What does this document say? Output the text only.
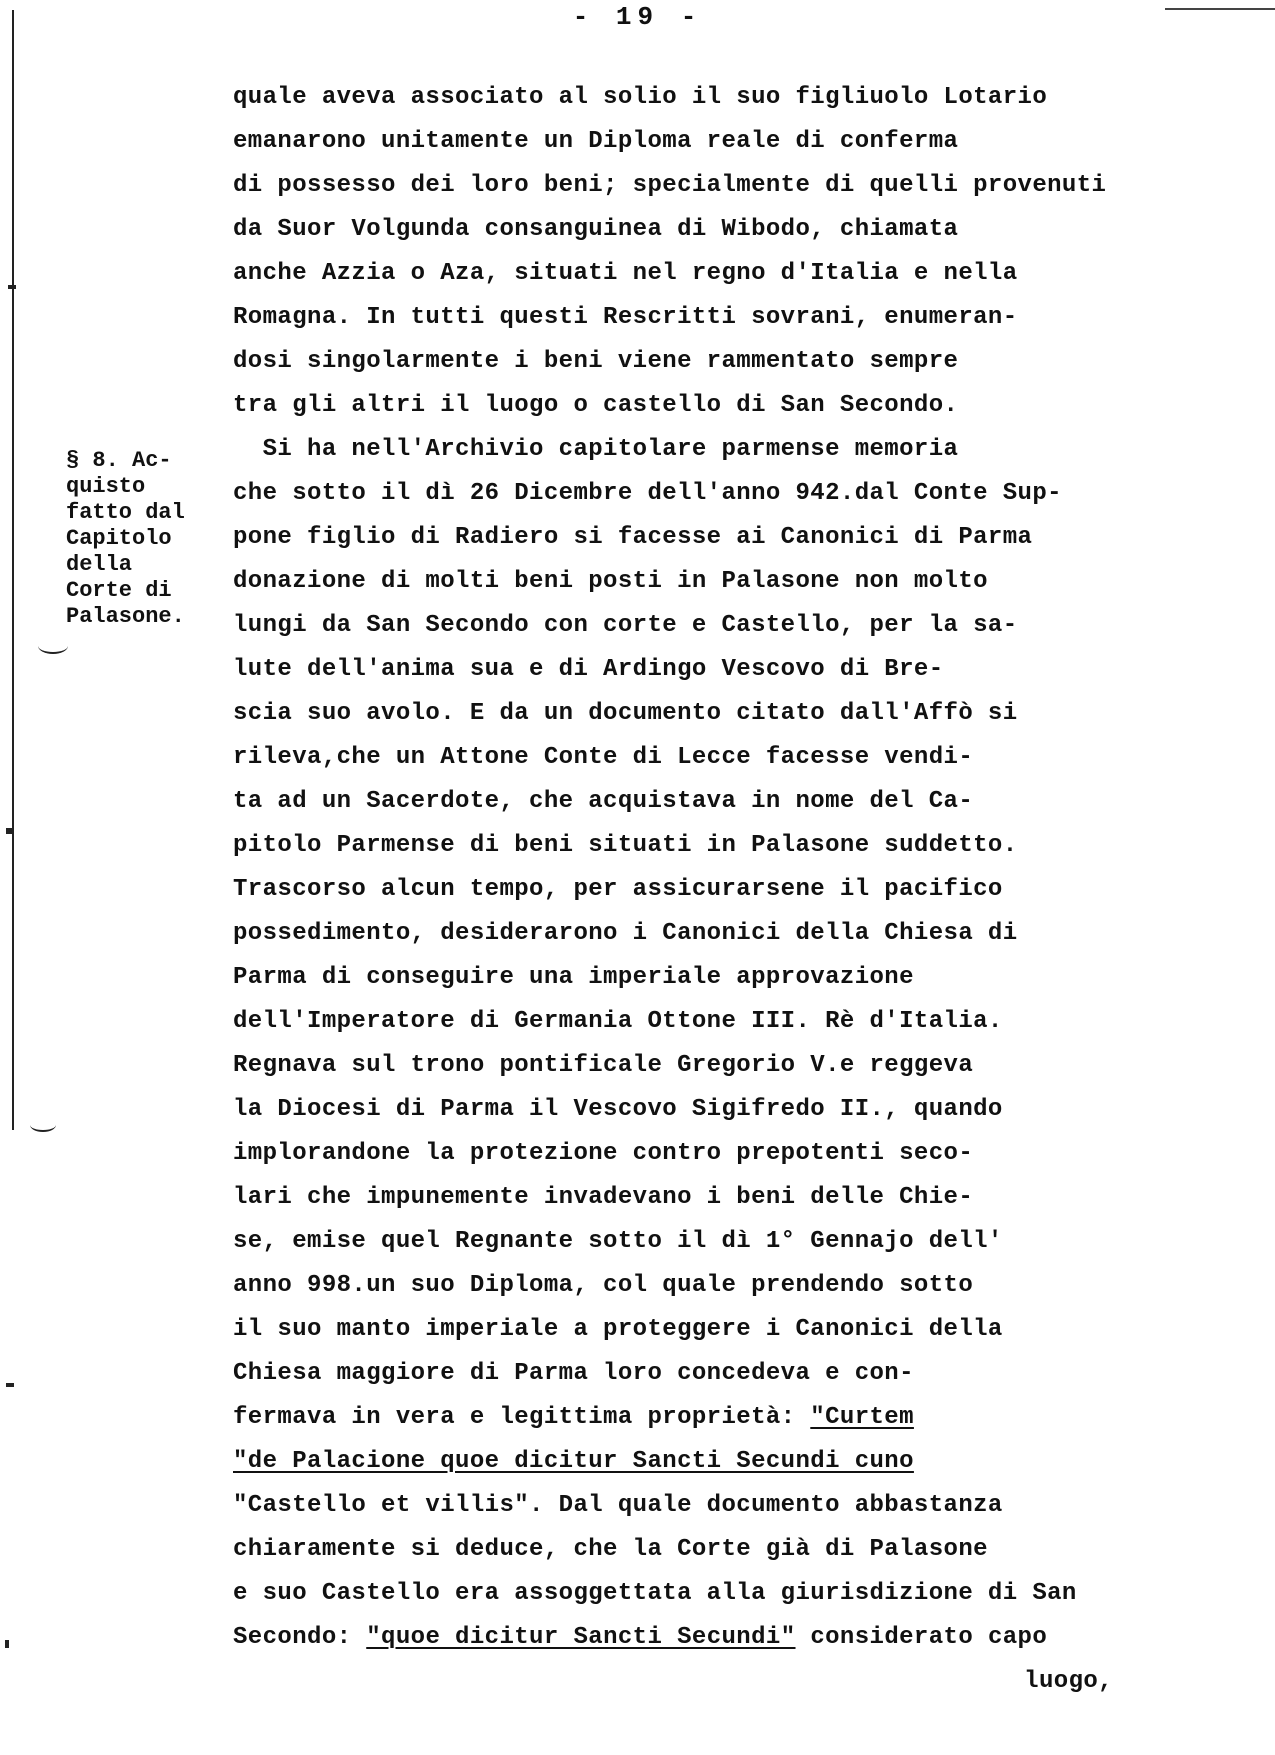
- 19 -
§ 8. Ac-
quisto
fatto dal
Capitolo
della
Corte di
Palasone.
quale aveva associato al solio il suo figliuolo Lotario
emanarono unitamente un Diploma reale di conferma
di possesso dei loro beni; specialmente di quelli provenuti
da Suor Volgunda consanguinea di Wibodo, chiamata
anche Azzia o Aza, situati nel regno d'Italia e nella
Romagna. In tutti questi Rescritti sovrani, enumeran-
dosi singolarmente i beni viene rammentato sempre
tra gli altri il luogo o castello di San Secondo.
Si ha nell'Archivio capitolare parmense memoria
che sotto il dì 26 Dicembre dell'anno 942.dal Conte Sup-
pone figlio di Radiero si facesse ai Canonici di Parma
donazione di molti beni posti in Palasone non molto
lungi da San Secondo con corte e Castello, per la sa-
lute dell'anima sua e di Ardingo Vescovo di Bre-
scia suo avolo. E da un documento citato dall'Affò si
rileva,che un Attone Conte di Lecce facesse vendi-
ta ad un Sacerdote, che acquistava in nome del Ca-
pitolo Parmense di beni situati in Palasone suddetto.
Trascorso alcun tempo, per assicurarsene il pacifico
possedimento, desiderarono i Canonici della Chiesa di
Parma di conseguire una imperiale approvazione
dell'Imperatore di Germania Ottone III. Rè d'Italia.
Regnava sul trono pontificale Gregorio V.e reggeva
la Diocesi di Parma il Vescovo Sigifredo II., quando
implorandone la protezione contro prepotenti seco-
lari che impunemente invadevano i beni delle Chie-
se, emise quel Regnante sotto il dì 1° Gennajo dell'
anno 998.un suo Diploma, col quale prendendo sotto
il suo manto imperiale a proteggere i Canonici della
Chiesa maggiore di Parma loro concedeva e con-
fermava in vera e legittima proprietà: "Curtem
"de Palacione quoe dicitur Sancti Secundi cuno
"Castello et villis". Dal quale documento abbastanza
chiaramente si deduce, che la Corte già di Palasone
e suo Castello era assoggettata alla giurisdizione di San
Secondo: "quoe dicitur Sancti Secundi" considerato capo
luogo,
